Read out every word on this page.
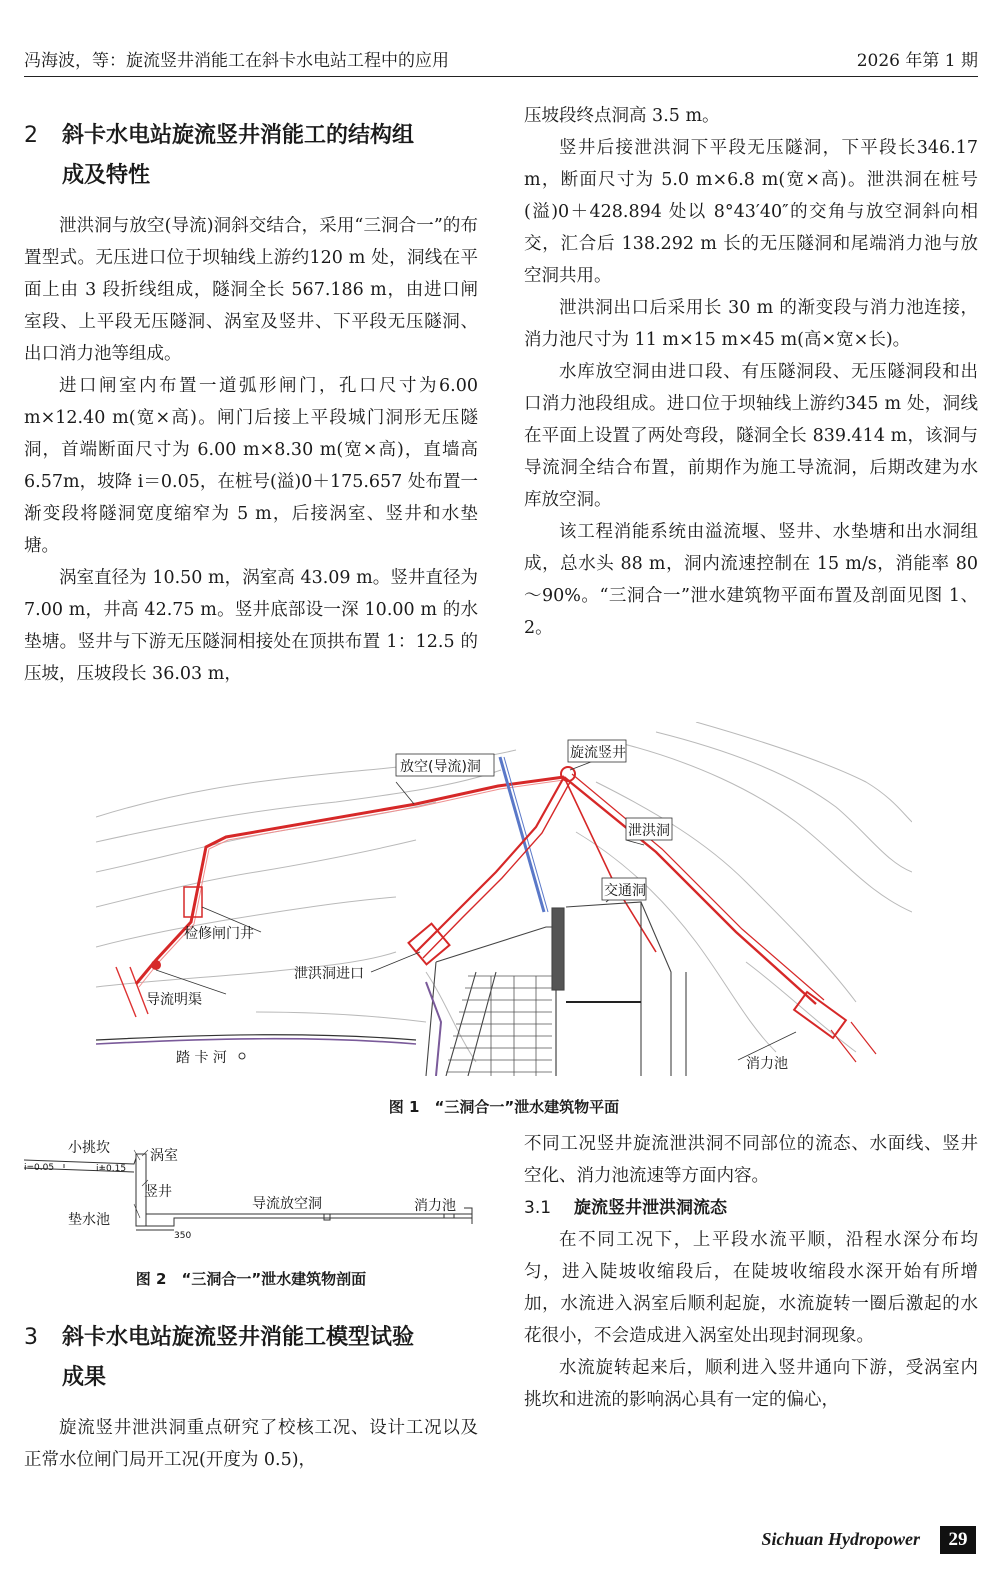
冯海波，等：旋流竖井消能工在斜卡水电站工程中的应用	2026 年第 1 期
2 斜卡水电站旋流竖井消能工的结构组
成及特性

泄洪洞与放空(导流)洞斜交结合，采用“三洞合一”的布置型式。无压进口位于坝轴线上游约120 m 处，洞线在平面上由 3 段折线组成，隧洞全长 567.186 m，由进口闸室段、上平段无压隧洞、涡室及竖井、下平段无压隧洞、出口消力池等组成。

进口闸室内布置一道弧形闸门，孔口尺寸为6.00 m×12.40 m(宽×高)。闸门后接上平段城门洞形无压隧洞，首端断面尺寸为 6.00 m×8.30 m(宽×高)，直墙高 6.57m，坡降 i＝0.05，在桩号(溢)0＋175.657 处布置一渐变段将隧洞宽度缩窄为 5 m，后接涡室、竖井和水垫塘。

涡室直径为 10.50 m，涡室高 43.09 m。竖井直径为 7.00 m，井高 42.75 m。竖井底部设一深 10.00 m 的水垫塘。竖井与下游无压隧洞相接处在顶拱布置 1：12.5 的压坡，压坡段长 36.03 m，

压坡段终点洞高 3.5 m。

竖井后接泄洪洞下平段无压隧洞，下平段长346.17 m，断面尺寸为 5.0 m×6.8 m(宽×高)。泄洪洞在桩号(溢)0＋428.894 处以 8°43′40″的交角与放空洞斜向相交，汇合后 138.292 m 长的无压隧洞和尾端消力池与放空洞共用。

泄洪洞出口后采用长 30 m 的渐变段与消力池连接，消力池尺寸为 11 m×15 m×45 m(高×宽×长)。

水库放空洞由进口段、有压隧洞段、无压隧洞段和出口消力池段组成。进口位于坝轴线上游约345 m 处，洞线在平面上设置了两处弯段，隧洞全长 839.414 m，该洞与导流洞全结合布置，前期作为施工导流洞，后期改建为水库放空洞。

该工程消能系统由溢流堰、竖井、水垫塘和出水洞组成，总水头 88 m，洞内流速控制在 15 m/s，消能率 80～90%。“三洞合一”泄水建筑物平面布置及剖面见图 1、2。

放空(导流)洞
旋流竖井
泄洪洞
交通洞
检修闸门井
泄洪洞进口
导流明渠
消力池
踏 卡 河
图 1　“三洞合一”泄水建筑物平面
小挑坎	涡室
竖井
垫水池
导流放空洞	消力池
i=0.05	i=0.15
350
图 2　“三洞合一”泄水建筑物剖面
3 斜卡水电站旋流竖井消能工模型试验
成果

旋流竖井泄洪洞重点研究了校核工况、设计工况以及正常水位闸门局开工况(开度为 0.5)，

不同工况竖井旋流泄洪洞不同部位的流态、水面线、竖井空化、消力池流速等方面内容。

3.1 旋流竖井泄洪洞流态

在不同工况下，上平段水流平顺，沿程水深分布均匀，进入陡坡收缩段后，在陡坡收缩段水深开始有所增加，水流进入涡室后顺利起旋，水流旋转一圈后激起的水花很小，不会造成进入涡室处出现封洞现象。

水流旋转起来后，顺利进入竖井通向下游，受涡室内挑坎和进流的影响涡心具有一定的偏心，

Sichuan Hydropower	29
